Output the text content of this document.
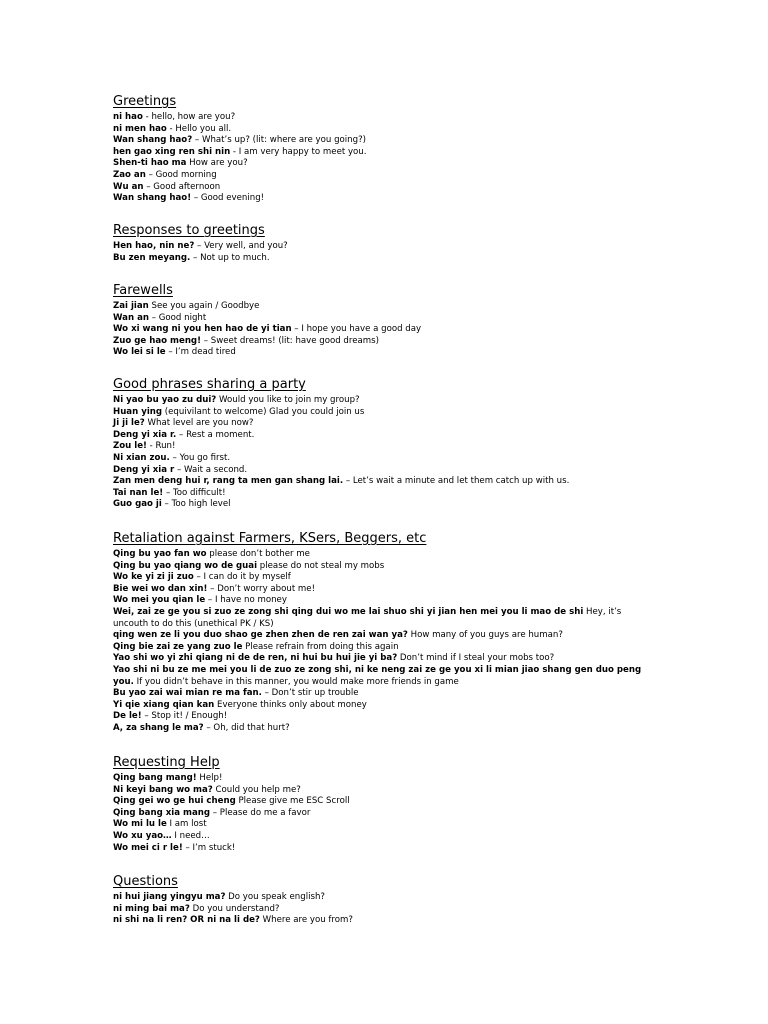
Greetings
ni hao - hello, how are you?
ni men hao - Hello you all.
Wan shang hao? – What’s up? (lit: where are you going?)
hen gao xing ren shi nin - I am very happy to meet you.
Shen-ti hao ma How are you?
Zao an – Good morning
Wu an – Good afternoon
Wan shang hao! – Good evening!
Responses to greetings
Hen hao, nin ne? – Very well, and you?
Bu zen meyang. – Not up to much.
Farewells
Zai jian See you again / Goodbye
Wan an – Good night
Wo xi wang ni you hen hao de yi tian – I hope you have a good day
Zuo ge hao meng! – Sweet dreams! (lit: have good dreams)
Wo lei si le – I’m dead tired
Good phrases sharing a party
Ni yao bu yao zu dui? Would you like to join my group?
Huan ying (equivilant to welcome) Glad you could join us
Ji ji le? What level are you now?
Deng yi xia r. – Rest a moment.
Zou le! - Run!
Ni xian zou. – You go first.
Deng yi xia r – Wait a second.
Zan men deng hui r, rang ta men gan shang lai. – Let’s wait a minute and let them catch up with us.
Tai nan le! – Too difficult!
Guo gao ji – Too high level
Retaliation against Farmers, KSers, Beggers, etc
Qing bu yao fan wo please don’t bother me
Qing bu yao qiang wo de guai please do not steal my mobs
Wo ke yi zi ji zuo – I can do it by myself
Bie wei wo dan xin! – Don’t worry about me!
Wo mei you qian le – I have no money
Wei, zai ze ge you si zuo ze zong shi qing dui wo me lai shuo shi yi jian hen mei you li mao de shi Hey, it’s uncouth to do this (unethical PK / KS)
qing wen ze li you duo shao ge zhen zhen de ren zai wan ya? How many of you guys are human?
Qing bie zai ze yang zuo le Please refrain from doing this again
Yao shi wo yi zhi qiang ni de de ren, ni hui bu hui jie yi ba? Don’t mind if I steal your mobs too?
Yao shi ni bu ze me mei you li de zuo ze zong shi, ni ke neng zai ze ge you xi li mian jiao shang gen duo peng you. If you didn’t behave in this manner, you would make more friends in game
Bu yao zai wai mian re ma fan. – Don’t stir up trouble
Yi qie xiang qian kan Everyone thinks only about money
De le! – Stop it! / Enough!
A, za shang le ma? – Oh, did that hurt?
Requesting Help
Qing bang mang! Help!
Ni keyi bang wo ma? Could you help me?
Qing gei wo ge hui cheng Please give me ESC Scroll
Qing bang xia mang – Please do me a favor
Wo mi lu le I am lost
Wo xu yao… I need…
Wo mei ci r le! – I’m stuck!
Questions
ni hui jiang yingyu ma? Do you speak english?
ni ming bai ma? Do you understand?
ni shi na li ren? OR ni na li de? Where are you from?
